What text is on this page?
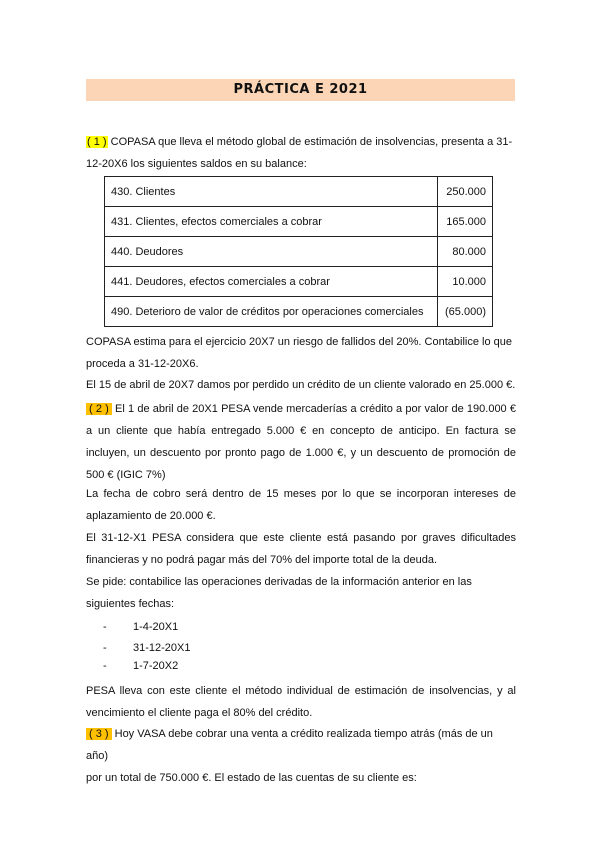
PRÁCTICA E 2021
( 1 ) COPASA que lleva el método global de estimación de insolvencias, presenta a 31-
12-20X6 los siguientes saldos en su balance:
430. Clientes	250.000
431. Clientes, efectos comerciales a cobrar	165.000
440. Deudores	80.000
441. Deudores, efectos comerciales a cobrar	10.000
490. Deterioro de valor de créditos por operaciones comerciales	(65.000)
COPASA estima para el ejercicio 20X7 un riesgo de fallidos del 20%. Contabilice lo que
proceda a 31-12-20X6.
El 15 de abril de 20X7 damos por perdido un crédito de un cliente valorado en 25.000 €.
( 2 ) El 1 de abril de 20X1 PESA vende mercaderías a crédito a por valor de 190.000 € a un cliente que había entregado 5.000 € en concepto de anticipo. En factura se incluyen, un descuento por pronto pago de 1.000 €, y un descuento de promoción de 500 € (IGIC 7%)
La fecha de cobro será dentro de 15 meses por lo que se incorporan intereses de aplazamiento de 20.000 €.
El 31-12-X1 PESA considera que este cliente está pasando por graves dificultades financieras y no podrá pagar más del 70% del importe total de la deuda.
Se pide: contabilice las operaciones derivadas de la información anterior en las
siguientes fechas:
- 1-4-20X1
- 31-12-20X1
- 1-7-20X2
PESA lleva con este cliente el método individual de estimación de insolvencias, y al vencimiento el cliente paga el 80% del crédito.
( 3 ) Hoy VASA debe cobrar una venta a crédito realizada tiempo atrás (más de un año)
por un total de 750.000 €. El estado de las cuentas de su cliente es:
